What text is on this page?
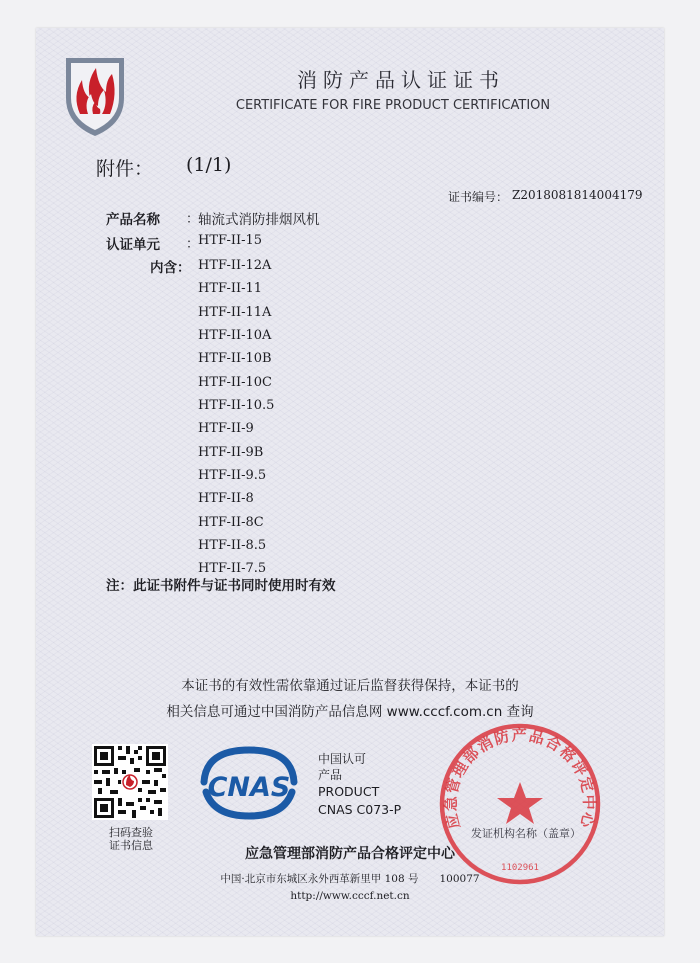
消防产品认证证书
CERTIFICATE FOR FIRE PRODUCT CERTIFICATION
附件： (1/1)
证书编号： Z2018081814004179
产品名称 ：
轴流式消防排烟风机
认证单元 ：
HTF-II-15
内含： HTF-II-12A
HTF-II-11
HTF-II-11A
HTF-II-10A
HTF-II-10B
HTF-II-10C
HTF-II-10.5
HTF-II-9
HTF-II-9B
HTF-II-9.5
HTF-II-8
HTF-II-8C
HTF-II-8.5
HTF-II-7.5
注：此证书附件与证书同时使用时有效
本证书的有效性需依靠通过证后监督获得保持，本证书的
相关信息可通过中国消防产品信息网 www.cccf.com.cn 查询
扫码查验
证书信息
CNAS
中国认可
产品
PRODUCT
CNAS C073-P
应急管理部消防产品合格评定中心
1102961
发证机构名称（盖章）
应急管理部消防产品合格评定中心
中国·北京市东城区永外西革新里甲 108 号　　100077
http://www.cccf.net.cn
